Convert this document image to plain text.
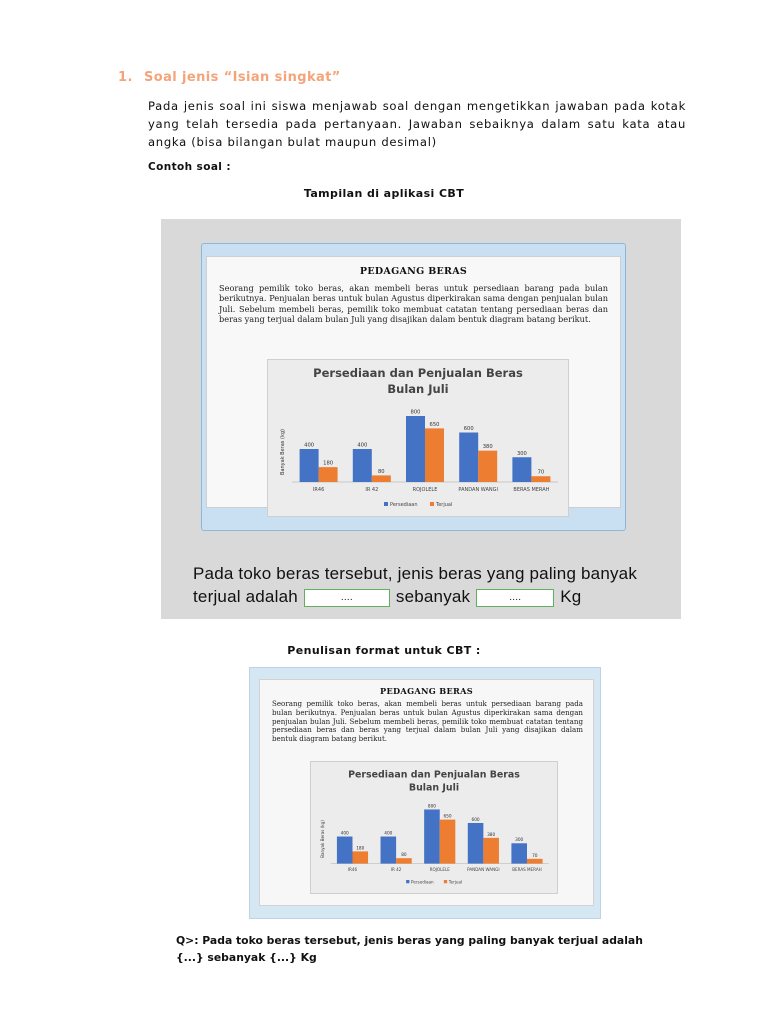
1. Soal jenis “Isian singkat”

Pada jenis soal ini siswa menjawab soal dengan mengetikkan jawaban pada kotak yang telah tersedia pada pertanyaan. Jawaban sebaiknya dalam satu kata atau angka (bisa bilangan bulat maupun desimal)

Contoh soal :

Tampilan di aplikasi CBT

PEDAGANG BERAS
Seorang pemilik toko beras, akan membeli beras untuk persediaan barang pada bulan berikutnya. Penjualan beras untuk bulan Agustus diperkirakan sama dengan penjualan bulan Juli. Sebelum membeli beras, pemilik toko membuat catatan tentang persediaan beras dan beras yang terjual dalam bulan Juli yang disajikan dalam bentuk diagram batang berikut.
Persediaan dan Penjualan Beras
Bulan Juli
Banyak Beras (kg)	400
180
IR46
400
80
IR 42
800
650
ROJOLELE
600
380
PANDAN WANGI
300
70
BERAS MERAH
Persediaan	Terjual
Pada toko beras tersebut, jenis beras yang paling banyak
terjual adalah	....	sebanyak	.... Kg

Penulisan format untuk CBT :

PEDAGANG BERAS
Seorang pemilik toko beras, akan membeli beras untuk persediaan barang pada bulan berikutnya. Penjualan beras untuk bulan Agustus diperkirakan sama dengan penjualan bulan Juli. Sebelum membeli beras, pemilik toko membuat catatan tentang persediaan beras dan beras yang terjual dalam bulan Juli yang disajikan dalam bentuk diagram batang berikut.
Persediaan dan Penjualan Beras
Bulan Juli
Banyak Beras (kg)	400
180
IR46
400
80
IR 42
800
650
ROJOLELE
600
380
PANDAN WANGI
300
70
BERAS MERAH
Persediaan	Terjual

Q>: Pada toko beras tersebut, jenis beras yang paling banyak terjual adalah {...} sebanyak {...} Kg
